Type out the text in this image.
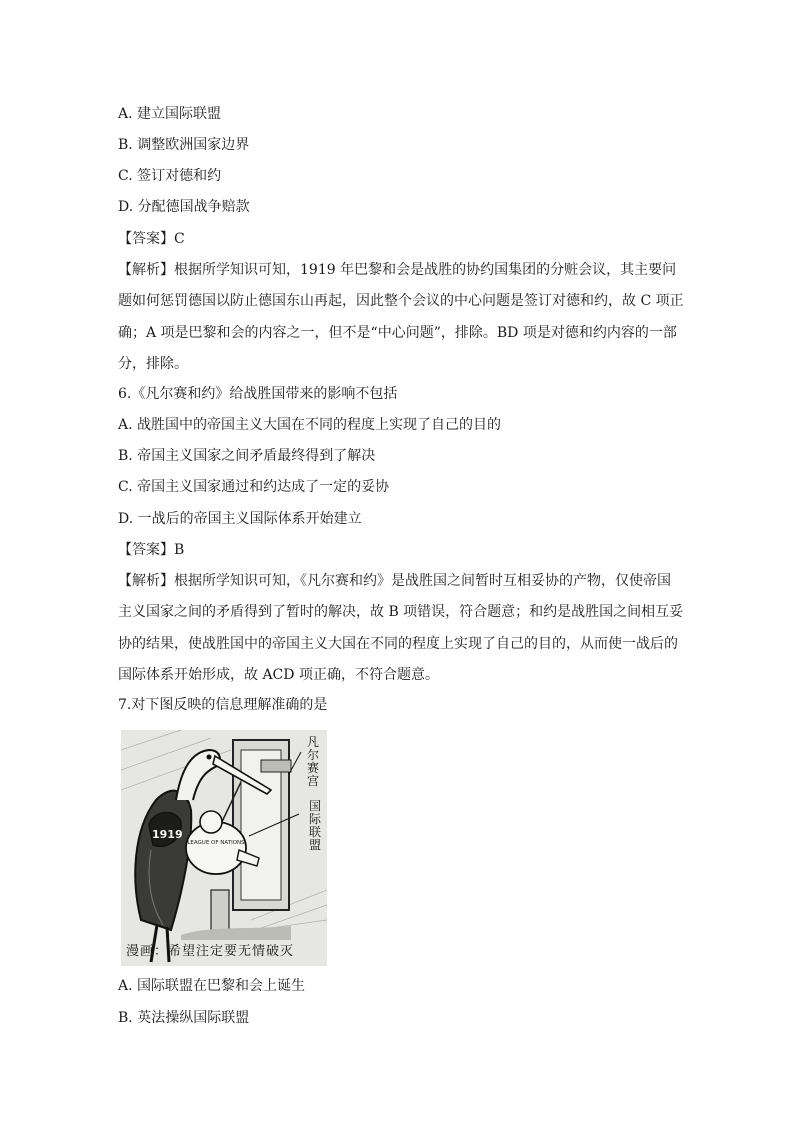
A. 建立国际联盟
B. 调整欧洲国家边界
C. 签订对德和约
D. 分配德国战争赔款
【答案】C
【解析】根据所学知识可知，1919 年巴黎和会是战胜的协约国集团的分赃会议，其主要问
题如何惩罚德国以防止德国东山再起，因此整个会议的中心问题是签订对德和约，故 C 项正
确；A 项是巴黎和会的内容之一，但不是“中心问题”，排除。BD 项是对德和约内容的一部
分，排除。
6.《凡尔赛和约》给战胜国带来的影响不包括
A. 战胜国中的帝国主义大国在不同的程度上实现了自己的目的
B. 帝国主义国家之间矛盾最终得到了解决
C. 帝国主义国家通过和约达成了一定的妥协
D. 一战后的帝国主义国际体系开始建立
【答案】B
【解析】根据所学知识可知，《凡尔赛和约》是战胜国之间暂时互相妥协的产物，仅使帝国
主义国家之间的矛盾得到了暂时的解决，故 B 项错误，符合题意；和约是战胜国之间相互妥
协的结果，使战胜国中的帝国主义大国在不同的程度上实现了自己的目的，从而使一战后的
国际体系开始形成，故 ACD 项正确，不符合题意。
7.对下图反映的信息理解准确的是
1919
LEAGUE OF NATIONS
凡尔赛宫
国际联盟
漫画：希望注定要无情破灭
A. 国际联盟在巴黎和会上诞生
B. 英法操纵国际联盟
